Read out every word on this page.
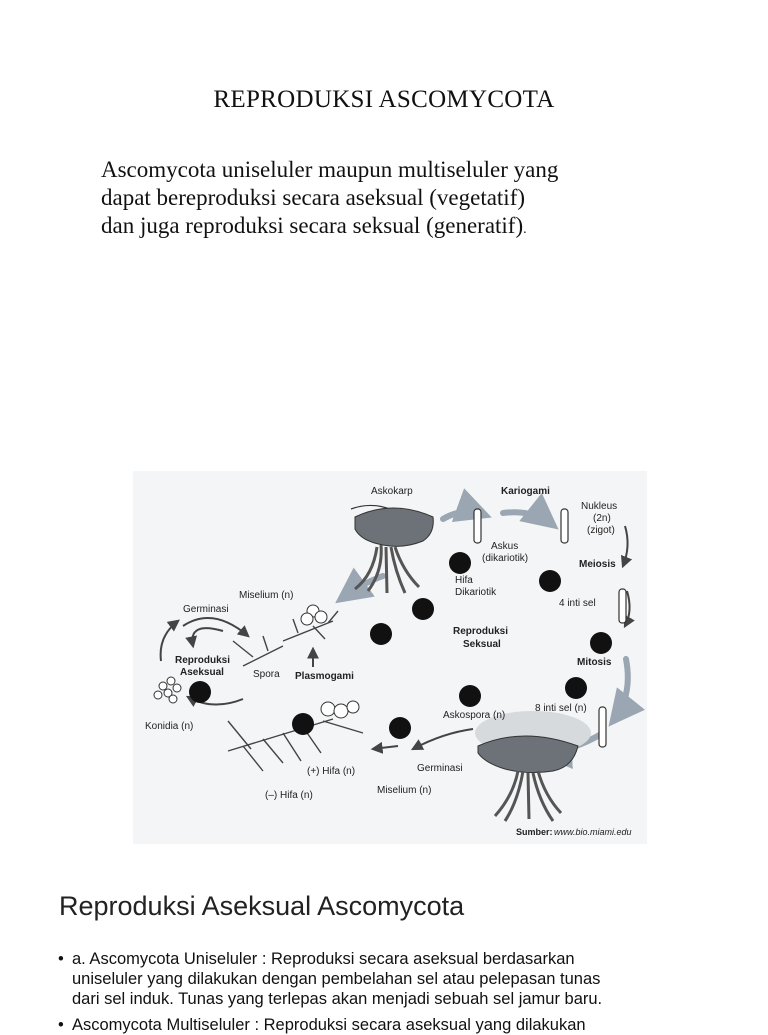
REPRODUKSI ASCOMYCOTA
Ascomycota uniseluler maupun multiseluler yang
dapat bereproduksi secara aseksual (vegetatif)
dan juga reproduksi secara seksual (generatif).
Askokarp	Kariogami
Nukleus
(2n)
(zigot)
Askus
(dikariotik)
Hifa
Dikariotik
Meiosis
Miselium (n)
Germinasi
4 inti sel
Reproduksi
Seksual
Reproduksi
Aseksual	Spora Plasmogami
Mitosis
Konidia (n)
Askospora (n)
8 inti sel (n)
(+) Hifa (n)	Germinasi
(–) Hifa (n)	Miselium (n)
Sumber: www.bio.miami.edu
Reproduksi Aseksual Ascomycota
• a. Ascomycota Uniseluler : Reproduksi secara aseksual berdasarkan
uniseluler yang dilakukan dengan pembelahan sel atau pelepasan tunas
dari sel induk. Tunas yang terlepas akan menjadi sebuah sel jamur baru.
• Ascomycota Multiseluler : Reproduksi secara aseksual yang dilakukan
